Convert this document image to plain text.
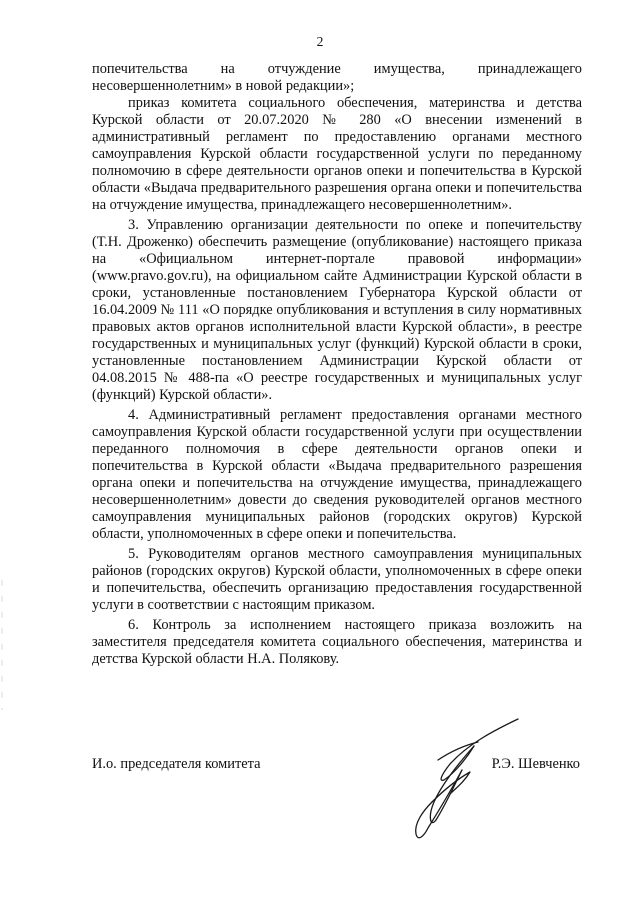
2

попечительства на отчуждение имущества, принадлежащего несовершеннолетним» в новой редакции»;

приказ комитета социального обеспечения, материнства и детства Курской области от 20.07.2020 № 280 «О внесении изменений в административный регламент по предоставлению органами местного самоуправления Курской области государственной услуги по переданному полномочию в сфере деятельности органов опеки и попечительства в Курской области «Выдача предварительного разрешения органа опеки и попечительства на отчуждение имущества, принадлежащего несовершеннолетним».

3. Управлению организации деятельности по опеке и попечительству (Т.Н. Дроженко) обеспечить размещение (опубликование) настоящего приказа на «Официальном интернет-портале правовой информации» (www.pravo.gov.ru), на официальном сайте Администрации Курской области в сроки, установленные постановлением Губернатора Курской области от 16.04.2009 № 111 «О порядке опубликования и вступления в силу нормативных правовых актов органов исполнительной власти Курской области», в реестре государственных и муниципальных услуг (функций) Курской области в сроки, установленные постановлением Администрации Курской области от 04.08.2015 № 488-па «О реестре государственных и муниципальных услуг (функций) Курской области».

4. Административный регламент предоставления органами местного самоуправления Курской области государственной услуги при осуществлении переданного полномочия в сфере деятельности органов опеки и попечительства в Курской области «Выдача предварительного разрешения органа опеки и попечительства на отчуждение имущества, принадлежащего несовершеннолетним» довести до сведения руководителей органов местного самоуправления муниципальных районов (городских округов) Курской области, уполномоченных в сфере опеки и попечительства.

5. Руководителям органов местного самоуправления муниципальных районов (городских округов) Курской области, уполномоченных в сфере опеки и попечительства, обеспечить организацию предоставления государственной услуги в соответствии с настоящим приказом.

6. Контроль за исполнением настоящего приказа возложить на заместителя председателя комитета социального обеспечения, материнства и детства Курской области Н.А. Полякову.

И.о. председателя комитета	Р.Э. Шевченко
